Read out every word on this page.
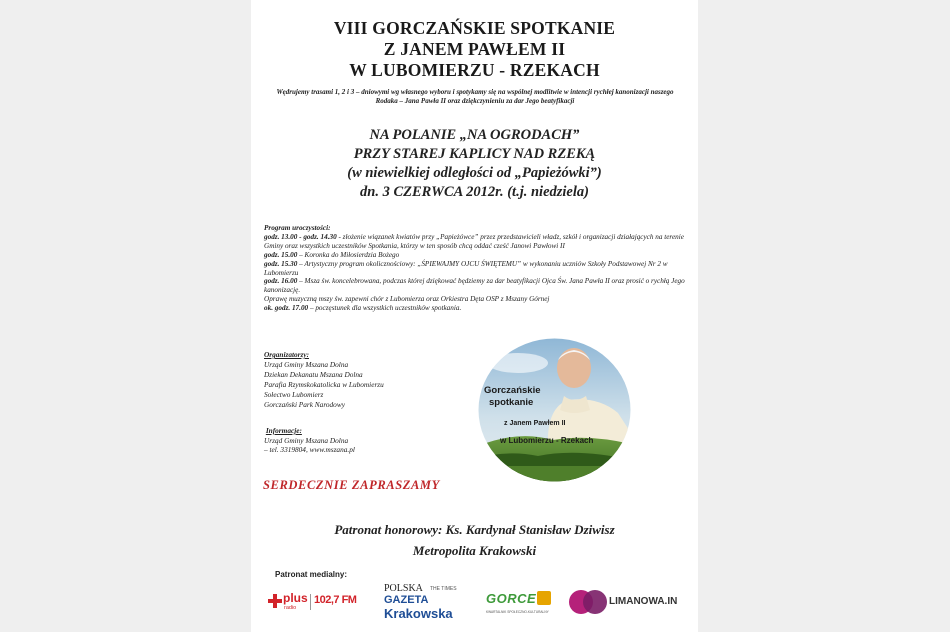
VIII GORCZAŃSKIE SPOTKANIE
Z JANEM PAWŁEM II
W LUBOMIERZU - RZEKACH
Wędrujemy trasami 1, 2 i 3 – dniowymi wg własnego wyboru i spotykamy się na wspólnej modlitwie w intencji rychłej kanonizacji naszego Rodaka – Jana Pawła II oraz dziękczynieniu za dar Jego beatyfikacji
NA POLANIE „NA OGRODACH”
PRZY STAREJ KAPLICY NAD RZEKĄ
(w niewielkiej odległości od „Papieżówki”)
dn. 3 CZERWCA 2012r. (t.j. niedziela)
Program uroczystości:
godz. 13.00 - godz. 14.30 - złożenie wiązanek kwiatów przy „Papieżówce” przez przedstawicieli władz, szkół i organizacji działających na terenie Gminy oraz wszystkich uczestników Spotkania, którzy w ten sposób chcą oddać cześć Janowi Pawłowi II
godz. 15.00 – Koronka do Miłosierdzia Bożego
godz. 15.30 – Artystyczny program okolicznościowy: „ŚPIEWAJMY OJCU ŚWIĘTEMU” w wykonaniu uczniów Szkoły Podstawowej Nr 2 w Lubomierzu
godz. 16.00 – Msza św. koncelebrowana, podczas której dziękować będziemy za dar beatyfikacji Ojca Św. Jana Pawła II oraz prosić o rychłą Jego kanonizację.
Oprawę muzyczną mszy św. zapewni chór z Lubomierza oraz Orkiestra Dęta OSP z Mszany Górnej
ok. godz. 17.00 – poczęstunek dla wszystkich uczestników spotkania.
Organizatorzy:
Urząd Gminy Mszana Dolna
Dziekan Dekanatu Mszana Dolna
Parafia Rzymskokatolicka w Lubomierzu
Sołectwo Lubomierz
Gorczański Park Narodowy
Informacje:
Urząd Gminy Mszana Dolna
– tel. 3319804, www.mszana.pl
Gorczańskie
spotkanie
z Janem Pawłem II
w Lubomierzu - Rzekach
SERDECZNIE ZAPRASZAMY
Patronat honorowy: Ks. Kardynał Stanisław Dziwisz
Metropolita Krakowski
Patronat medialny:
plus
radio
102,7 FM
POLSKA THE TIMES
GAZETA
Krakowska
GORCE
KWARTALNIK SPOŁECZNO-KULTURALNY
LIMANOWA.IN
